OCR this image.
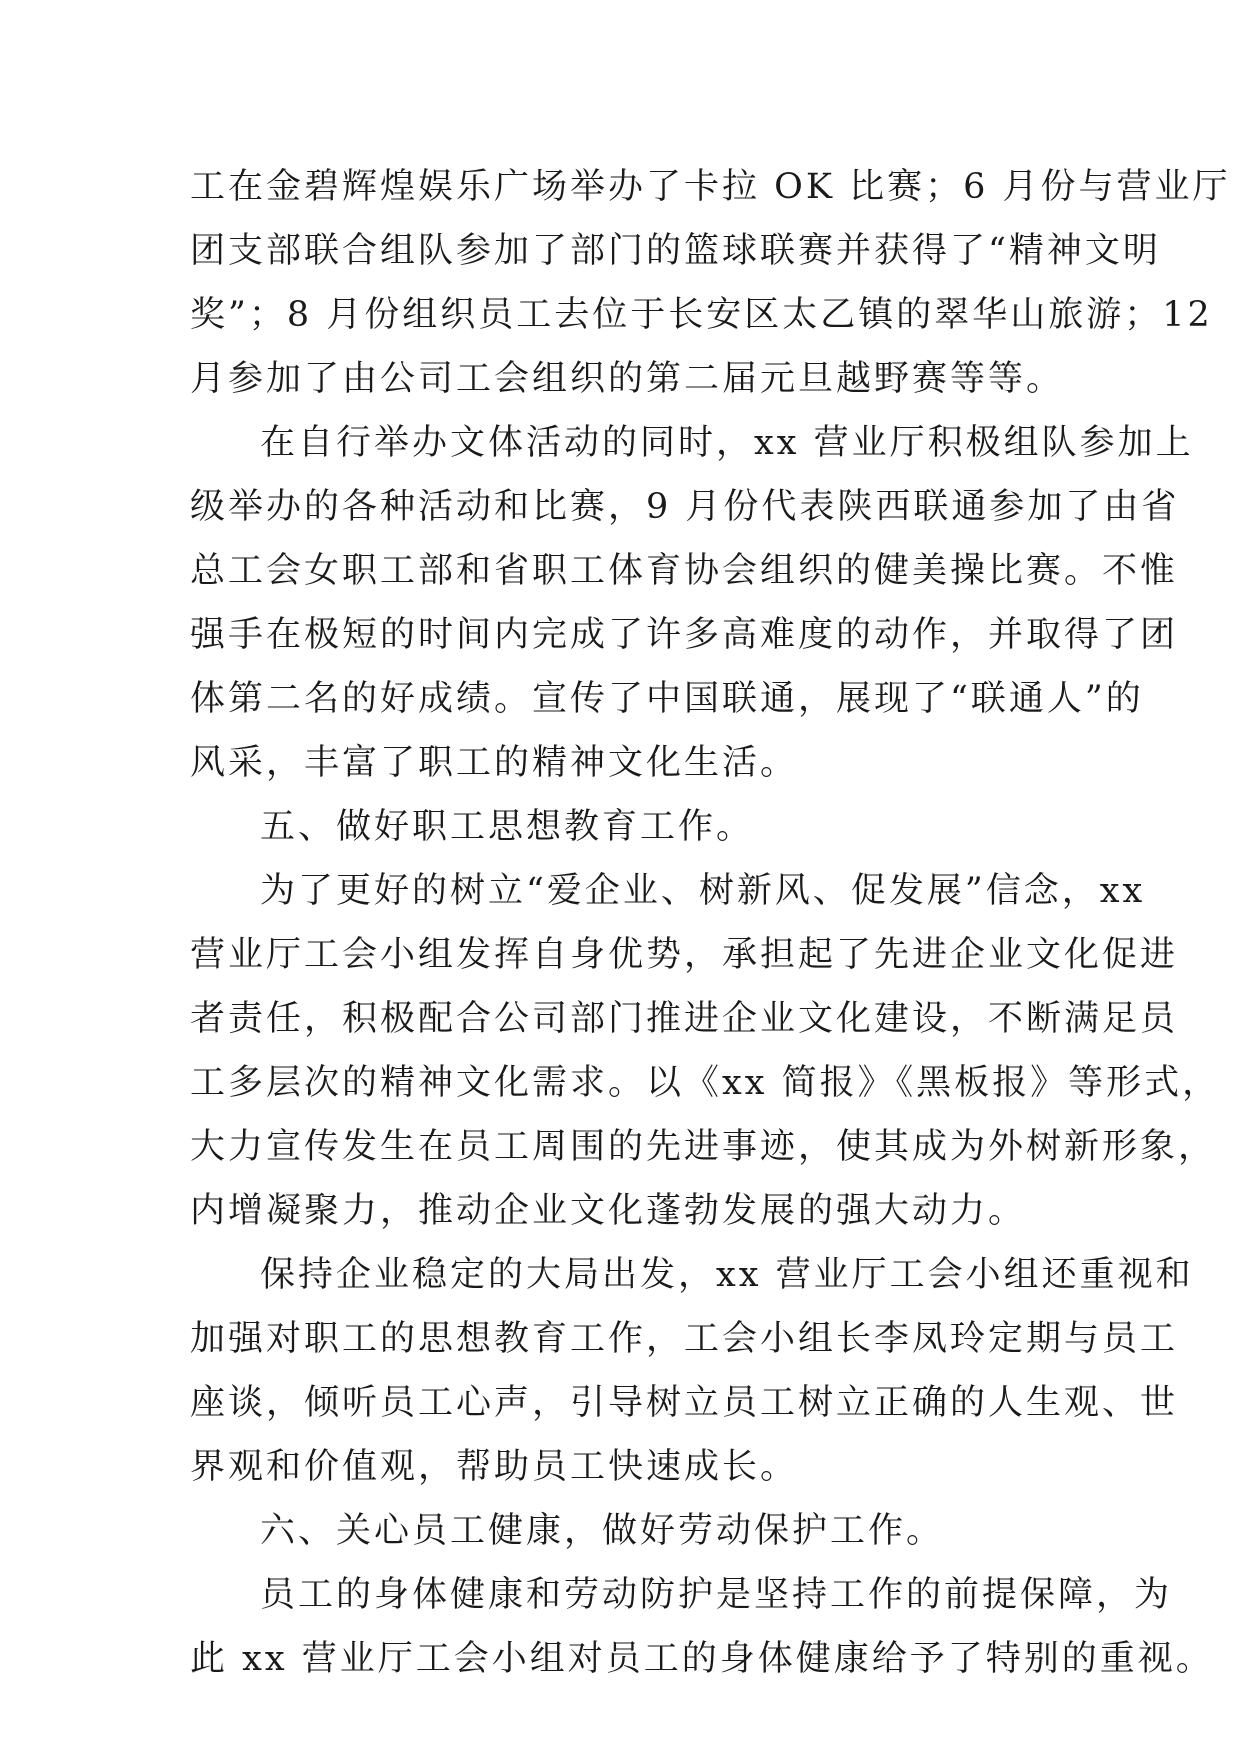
工在金碧辉煌娱乐广场举办了卡拉 OK 比赛；6 月份与营业厅
团支部联合组队参加了部门的篮球联赛并获得了“精神文明
奖”；8 月份组织员工去位于长安区太乙镇的翠华山旅游；12
月参加了由公司工会组织的第二届元旦越野赛等等。
在自行举办文体活动的同时，xx 营业厅积极组队参加上
级举办的各种活动和比赛，9 月份代表陕西联通参加了由省
总工会女职工部和省职工体育协会组织的健美操比赛。不惟
强手在极短的时间内完成了许多高难度的动作，并取得了团
体第二名的好成绩。宣传了中国联通，展现了“联通人”的
风采，丰富了职工的精神文化生活。
五、做好职工思想教育工作。
为了更好的树立“爱企业、树新风、促发展”信念，xx
营业厅工会小组发挥自身优势，承担起了先进企业文化促进
者责任，积极配合公司部门推进企业文化建设，不断满足员
工多层次的精神文化需求。以《xx 简报》《黑板报》等形式，
大力宣传发生在员工周围的先进事迹，使其成为外树新形象，
内增凝聚力，推动企业文化蓬勃发展的强大动力。
保持企业稳定的大局出发，xx 营业厅工会小组还重视和
加强对职工的思想教育工作，工会小组长李凤玲定期与员工
座谈，倾听员工心声，引导树立员工树立正确的人生观、世
界观和价值观，帮助员工快速成长。
六、关心员工健康，做好劳动保护工作。
员工的身体健康和劳动防护是坚持工作的前提保障，为
此 xx 营业厅工会小组对员工的身体健康给予了特别的重视。
